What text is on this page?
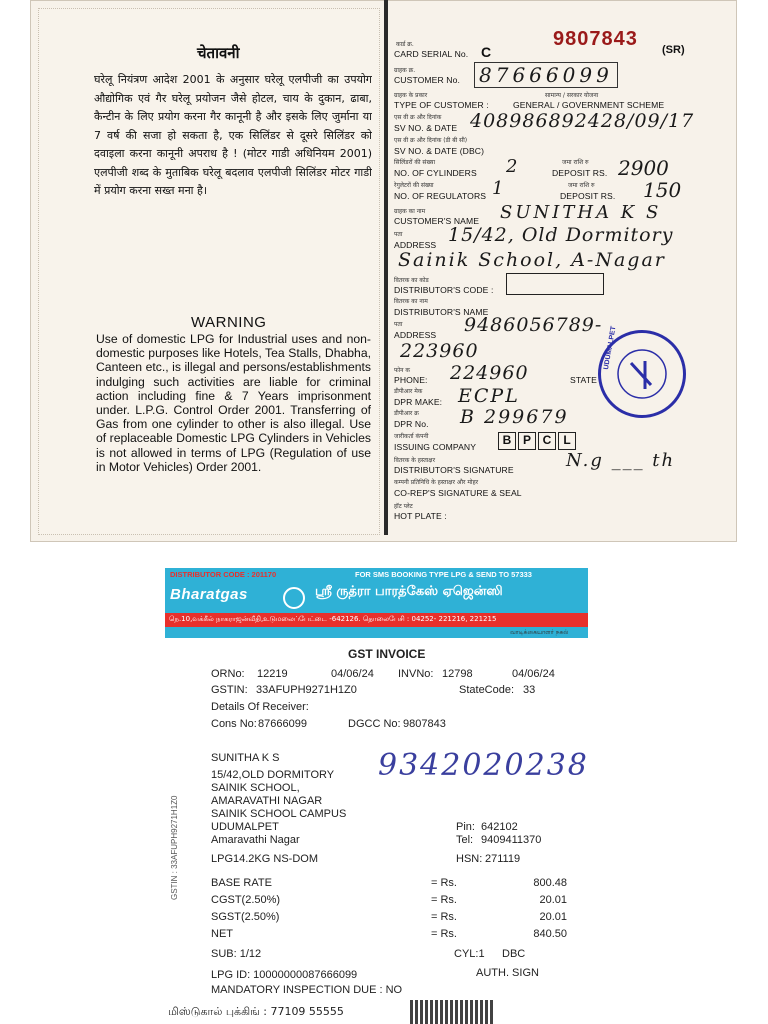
चेतावनी
घरेलू नियंत्रण आदेश 2001 के अनुसार घरेलू एलपीजी का उपयोग औद्योगिक एवं गैर घरेलू प्रयोजन जैसे होटल, चाय के दुकान, ढाबा, कैन्टीन के लिए प्रयोग करना गैर कानूनी है और इसके लिए जुर्माना या 7 वर्ष की सजा हो सकता है, एक सिलिंडर से दूसरे सिलिंडर को दवाइला करना कानूनी अपराध है ! (मोटर गाडी अधिनियम 2001) एलपीजी शब्द के मुताबिक घरेलू बदलाव एलपीजी सिलिंडर मोटर गाडी में प्रयोग करना सख्त मना है।
WARNING
Use of domestic LPG for Industrial uses and non-domestic purposes like Hotels, Tea Stalls, Dhabha, Canteen etc., is illegal and persons/establishments indulging such activities are liable for criminal action including fine & 7 Years imprisonment under. L.P.G. Control Order 2001. Transferring of Gas from one cylinder to other is also illegal. Use of replaceable Domestic LPG Cylinders in Vehicles is not allowed in terms of LPG (Regulation of use in Motor Vehicles) Order 2001.
कार्ड क्र.
CARD SERIAL No. C
9807843 (SR)
ग्राहक क्र.
CUSTOMER No. 87666099
ग्राहक के प्रकार	सामान्य / सरकार योजना
TYPE OF CUSTOMER :	GENERAL / GOVERNMENT SCHEME
एस वी क्र और दिनांक
SV NO. & DATE 408986892428/09/17
एस वी क्र और दिनांक (डी बी सी)
SV NO. & DATE (DBC)
सिलिंडरों की संख्या
NO. OF CYLINDERS 2	जमा राशि रु
DEPOSIT RS. 2900
रेगुलेटरों की संख्या
NO. OF REGULATORS 1	जमा राशि रु
DEPOSIT RS. 150
ग्राहक का नाम
CUSTOMER'S NAME SUNITHA K S
पता
ADDRESS 15/42, Old Dormitory
Sainik School, A-Nagar
वितरक का कोड
DISTRIBUTOR'S CODE :
वितरक का नाम
DISTRIBUTOR'S NAME
पता
ADDRESS 9486056789-
223960
फोन क
PHONE: 224960	STATE
डीपीआर मेक
DPR MAKE: ECPL
डीपीआर क्र
DPR No. B 299679
जारीकर्ता कंपनी
ISSUING COMPANY	B P C	L
वितरक के हस्ताक्षर
DISTRIBUTOR'S SIGNATURE	N.g ___ th
कम्पनी प्रतिनिधि के हस्ताक्षर और मोहर
CO-REP'S SIGNATURE & SEAL
हॉट प्लेट
HOT PLATE :
UDUMALPET
DISTRIBUTOR CODE : 201170	FOR SMS BOOKING TYPE LPG & SEND TO 57333
Bharatgas	ஸ்ரீ ருத்ரா பாரத்கேஸ் ஏஜென்ஸி
நெ.10,வக்கீல் நாகராஜன்வீதி,உடுமலைப்பேட்டை -642126. தொலைபேசி : 04252- 221216, 221215
வாடிக்கையாளர் நகல்
GST INVOICE
ORNo: 12219	04/06/24 INVNo: 12798	04/06/24
GSTIN: 33AFUPH9271H1Z0	StateCode: 33
Details Of Receiver:
Cons No: 87666099	DGCC No: 9807843
9342020238
SUNITHA K S
15/42,OLD DORMITORY
SAINIK SCHOOL,
AMARAVATHI NAGAR
SAINIK SCHOOL CAMPUS
UDUMALPET
Amaravathi Nagar
Pin: 642102
Tel: 9409411370
LPG14.2KG NS-DOM	HSN: 271119
GSTIN : 33AFUPH9271H1Z0	BASE RATE	= Rs.	800.48
CGST(2.50%)	= Rs.	20.01
SGST(2.50%)	= Rs.	20.01
NET	= Rs.	840.50
SUB: 1/12	CYL:1 DBC
LPG ID: 10000000087666099	AUTH. SIGN
MANDATORY INSPECTION DUE : NO
மிஸ்டுகால் புக்கிங் : 77109 55555
